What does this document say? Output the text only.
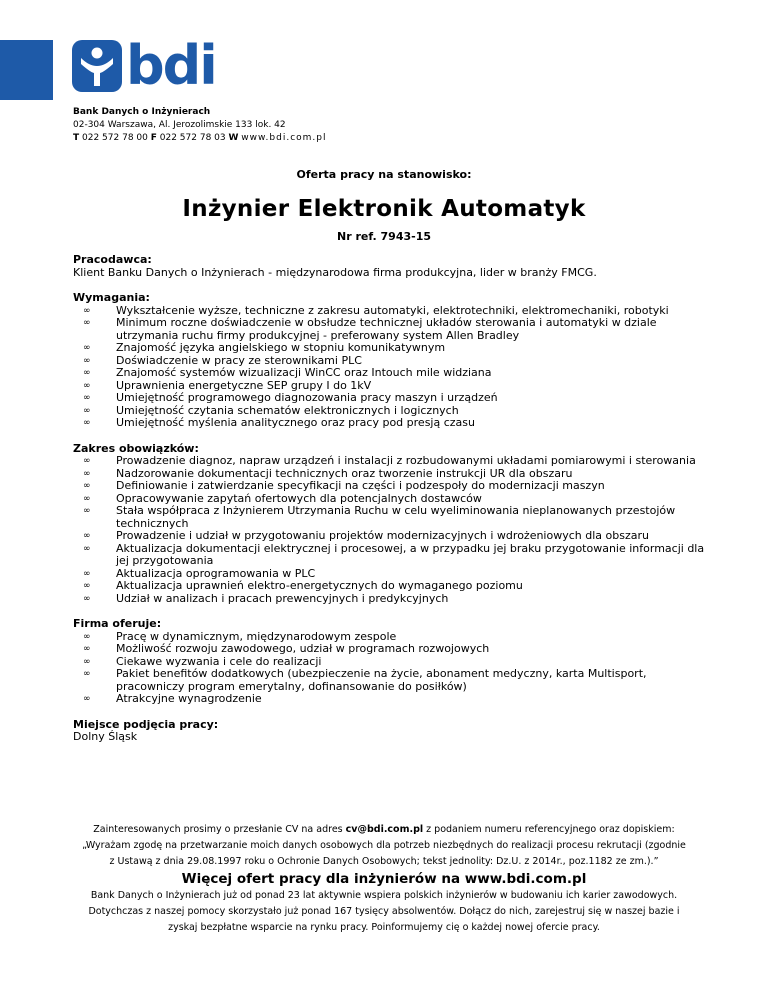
bdi
Bank Danych o Inżynierach
02-304 Warszawa, Al. Jerozolimskie 133 lok. 42
T 022 572 78 00 F 022 572 78 03 W www.bdi.com.pl
Oferta pracy na stanowisko:
Inżynier Elektronik Automatyk
Nr ref. 7943-15
Pracodawca:
Klient Banku Danych o Inżynierach - międzynarodowa firma produkcyjna, lider w branży FMCG.
Wymagania:
∞ Wykształcenie wyższe, techniczne z zakresu automatyki, elektrotechniki, elektromechaniki, robotyki
∞ Minimum roczne doświadczenie w obsłudze technicznej układów sterowania i automatyki w dziale utrzymania ruchu firmy produkcyjnej - preferowany system Allen Bradley
∞ Znajomość języka angielskiego w stopniu komunikatywnym
∞ Doświadczenie w pracy ze sterownikami PLC
∞ Znajomość systemów wizualizacji WinCC oraz Intouch mile widziana
∞ Uprawnienia energetyczne SEP grupy I do 1kV
∞ Umiejętność programowego diagnozowania pracy maszyn i urządzeń
∞ Umiejętność czytania schematów elektronicznych i logicznych
∞ Umiejętność myślenia analitycznego oraz pracy pod presją czasu
Zakres obowiązków:
∞ Prowadzenie diagnoz, napraw urządzeń i instalacji z rozbudowanymi układami pomiarowymi i sterowania
∞ Nadzorowanie dokumentacji technicznych oraz tworzenie instrukcji UR dla obszaru
∞ Definiowanie i zatwierdzanie specyfikacji na części i podzespoły do modernizacji maszyn
∞ Opracowywanie zapytań ofertowych dla potencjalnych dostawców
∞ Stała współpraca z Inżynierem Utrzymania Ruchu w celu wyeliminowania nieplanowanych przestojów technicznych
∞ Prowadzenie i udział w przygotowaniu projektów modernizacyjnych i wdrożeniowych dla obszaru
∞ Aktualizacja dokumentacji elektrycznej i procesowej, a w przypadku jej braku przygotowanie informacji dla jej przygotowania
∞ Aktualizacja oprogramowania w PLC
∞ Aktualizacja uprawnień elektro-energetycznych do wymaganego poziomu
∞ Udział w analizach i pracach prewencyjnych i predykcyjnych
Firma oferuje:
∞ Pracę w dynamicznym, międzynarodowym zespole
∞ Możliwość rozwoju zawodowego, udział w programach rozwojowych
∞ Ciekawe wyzwania i cele do realizacji
∞ Pakiet benefitów dodatkowych (ubezpieczenie na życie, abonament medyczny, karta Multisport, pracowniczy program emerytalny, dofinansowanie do posiłków)
∞ Atrakcyjne wynagrodzenie
Miejsce podjęcia pracy:
Dolny Śląsk
Zainteresowanych prosimy o przesłanie CV na adres cv@bdi.com.pl z podaniem numeru referencyjnego oraz dopiskiem:
„Wyrażam zgodę na przetwarzanie moich danych osobowych dla potrzeb niezbędnych do realizacji procesu rekrutacji (zgodnie
z Ustawą z dnia 29.08.1997 roku o Ochronie Danych Osobowych; tekst jednolity: Dz.U. z 2014r., poz.1182 ze zm.).”
Więcej ofert pracy dla inżynierów na www.bdi.com.pl
Bank Danych o Inżynierach już od ponad 23 lat aktywnie wspiera polskich inżynierów w budowaniu ich karier zawodowych.
Dotychczas z naszej pomocy skorzystało już ponad 167 tysięcy absolwentów. Dołącz do nich, zarejestruj się w naszej bazie i
zyskaj bezpłatne wsparcie na rynku pracy. Poinformujemy cię o każdej nowej ofercie pracy.
